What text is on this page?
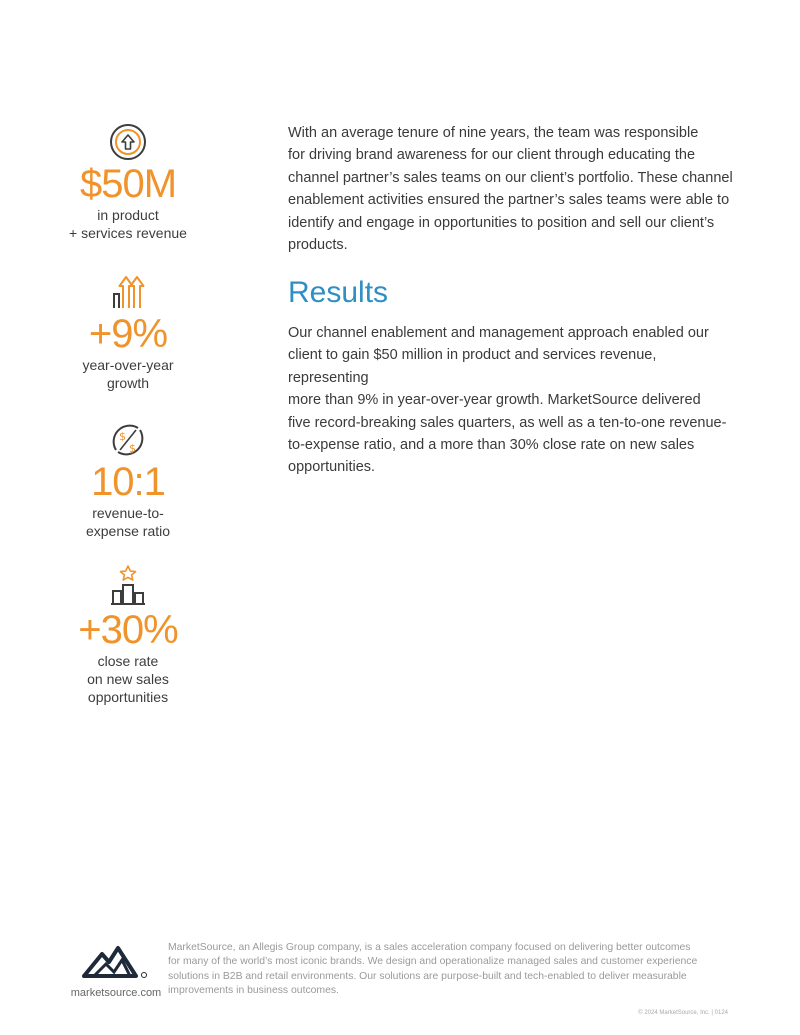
$50M
in product
+ services revenue
+9%
year-over-year
growth
$
$
10:1
revenue-to-
expense ratio
+30%
close rate
on new sales
opportunities
With an average tenure of nine years, the team was responsible
for driving brand awareness for our client through educating the
channel partner’s sales teams on our client’s portfolio. These channel
enablement activities ensured the partner’s sales teams were able to
identify and engage in opportunities to position and sell our client’s
products.
Results
Our channel enablement and management approach enabled our
client to gain $50 million in product and services revenue, representing
more than 9% in year-over-year growth. MarketSource delivered
five record-breaking sales quarters, as well as a ten-to-one revenue-
to-expense ratio, and a more than 30% close rate on new sales
opportunities.
marketsource.com
MarketSource, an Allegis Group company, is a sales acceleration company focused on delivering better outcomes
for many of the world’s most iconic brands. We design and operationalize managed sales and customer experience
solutions in B2B and retail environments. Our solutions are purpose-built and tech-enabled to deliver measurable
improvements in business outcomes.
© 2024 MarketSource, Inc. | 0124
